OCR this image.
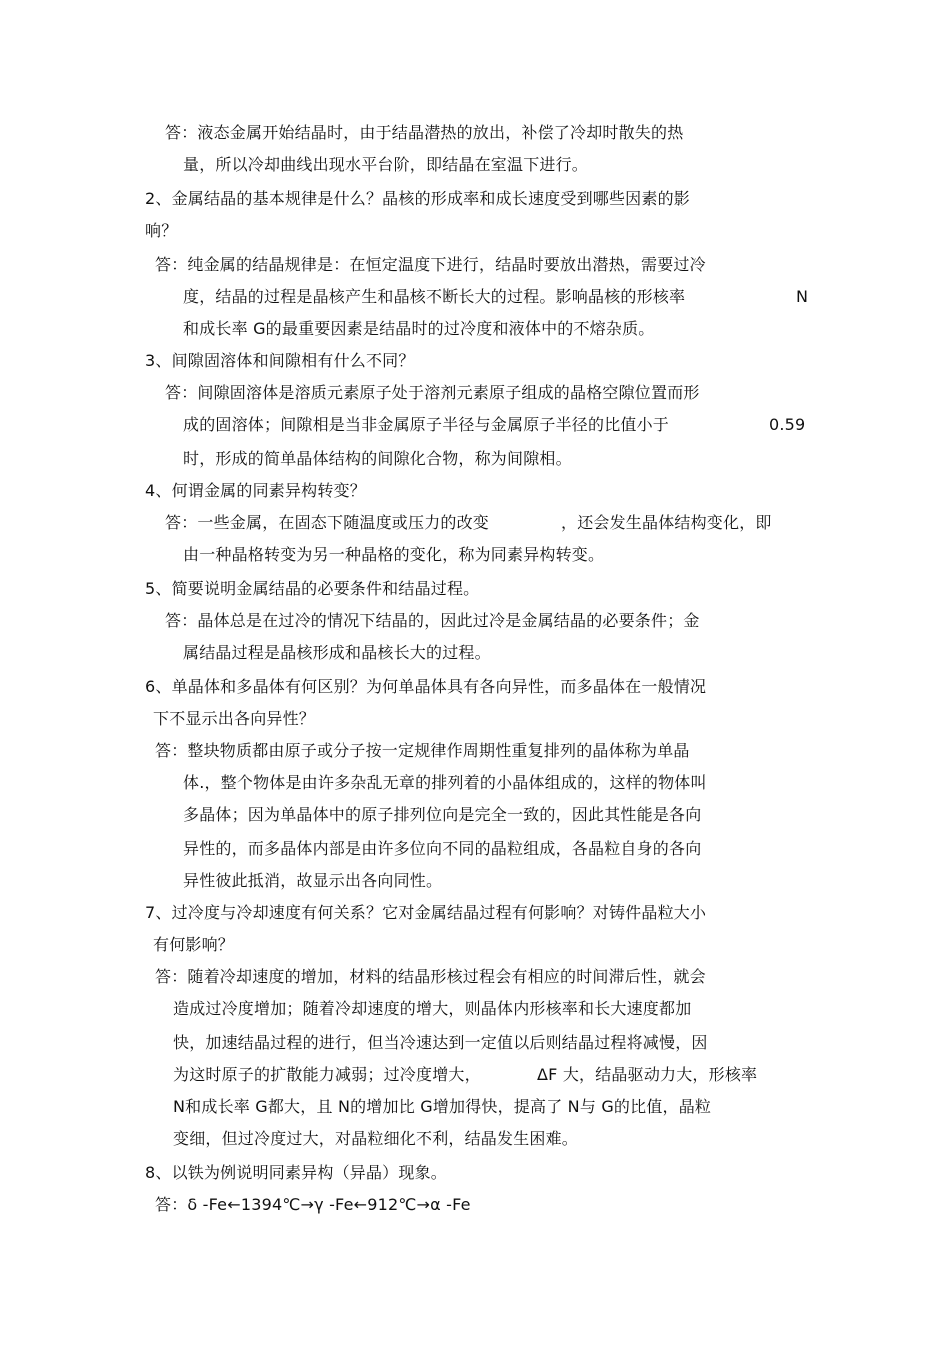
答：液态金属开始结晶时，由于结晶潜热的放出，补偿了冷却时散失的热
量，所以冷却曲线出现水平台阶，即结晶在室温下进行。
2、金属结晶的基本规律是什么？晶核的形成率和成长速度受到哪些因素的影
响？
答：纯金属的结晶规律是：在恒定温度下进行，结晶时要放出潜热，需要过冷
度，结晶的过程是晶核产生和晶核不断长大的过程。影响晶核的形核率	N
和成长率 G的最重要因素是结晶时的过冷度和液体中的不熔杂质。
3、间隙固溶体和间隙相有什么不同？
答：间隙固溶体是溶质元素原子处于溶剂元素原子组成的晶格空隙位置而形
成的固溶体；间隙相是当非金属原子半径与金属原子半径的比值小于	0.59
时，形成的简单晶体结构的间隙化合物，称为间隙相。
4、何谓金属的同素异构转变？
答：一些金属，在固态下随温度或压力的改变	，还会发生晶体结构变化，即
由一种晶格转变为另一种晶格的变化，称为同素异构转变。
5、简要说明金属结晶的必要条件和结晶过程。
答：晶体总是在过冷的情况下结晶的，因此过冷是金属结晶的必要条件；金
属结晶过程是晶核形成和晶核长大的过程。
6、单晶体和多晶体有何区别？为何单晶体具有各向异性，而多晶体在一般情况
下不显示出各向异性？
答：整块物质都由原子或分子按一定规律作周期性重复排列的晶体称为单晶
体.，整个物体是由许多杂乱无章的排列着的小晶体组成的，这样的物体叫
多晶体；因为单晶体中的原子排列位向是完全一致的，因此其性能是各向
异性的，而多晶体内部是由许多位向不同的晶粒组成，各晶粒自身的各向
异性彼此抵消，故显示出各向同性。
7、过冷度与冷却速度有何关系？它对金属结晶过程有何影响？对铸件晶粒大小
有何影响？
答：随着冷却速度的增加，材料的结晶形核过程会有相应的时间滞后性，就会
造成过冷度增加；随着冷却速度的增大，则晶体内形核率和长大速度都加
快，加速结晶过程的进行，但当冷速达到一定值以后则结晶过程将减慢，因
为这时原子的扩散能力减弱；过冷度增大，	ΔF 大，结晶驱动力大，形核率
N和成长率 G都大，且 N的增加比 G增加得快，提高了 N与 G的比值，晶粒
变细，但过冷度过大，对晶粒细化不利，结晶发生困难。
8、以铁为例说明同素异构（异晶）现象。
答：δ -Fe←1394℃→γ -Fe←912℃→α -Fe
